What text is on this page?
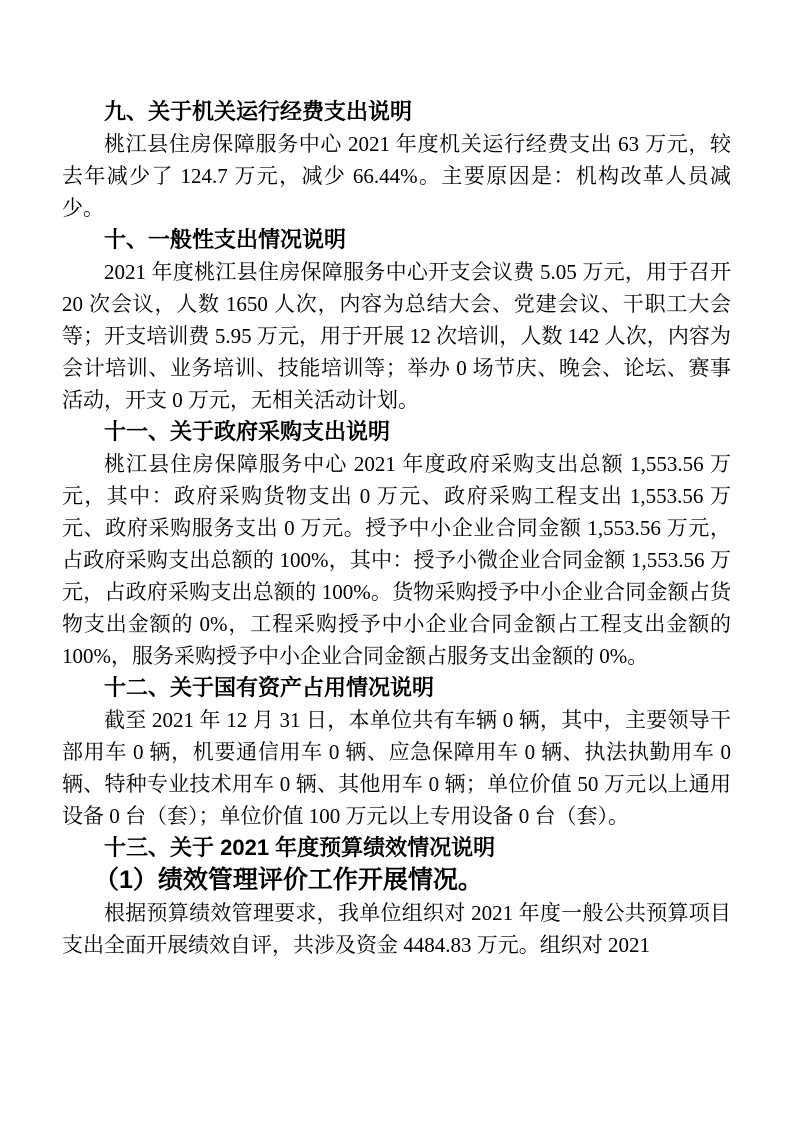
九、关于机关运行经费支出说明

桃江县住房保障服务中心 2021 年度机关运行经费支出 63 万元，较去年减少了 124.7 万元，减少 66.44%。主要原因是：机构改革人员减少。

十、一般性支出情况说明

2021 年度桃江县住房保障服务中心开支会议费 5.05 万元，用于召开 20 次会议，人数 1650 人次，内容为总结大会、党建会议、干职工大会等；开支培训费 5.95 万元，用于开展 12 次培训，人数 142 人次，内容为会计培训、业务培训、技能培训等；举办 0 场节庆、晚会、论坛、赛事活动，开支 0 万元，无相关活动计划。

十一、关于政府采购支出说明

桃江县住房保障服务中心 2021 年度政府采购支出总额 1,553.56 万元，其中：政府采购货物支出 0 万元、政府采购工程支出 1,553.56 万元、政府采购服务支出 0 万元。授予中小企业合同金额 1,553.56 万元，占政府采购支出总额的 100%，其中：授予小微企业合同金额 1,553.56 万元，占政府采购支出总额的 100%。货物采购授予中小企业合同金额占货物支出金额的 0%，工程采购授予中小企业合同金额占工程支出金额的 100%，服务采购授予中小企业合同金额占服务支出金额的 0%。

十二、关于国有资产占用情况说明

截至 2021 年 12 月 31 日，本单位共有车辆 0 辆，其中，主要领导干部用车 0 辆，机要通信用车 0 辆、应急保障用车 0 辆、执法执勤用车 0 辆、特种专业技术用车 0 辆、其他用车 0 辆；单位价值 50 万元以上通用设备 0 台（套）；单位价值 100 万元以上专用设备 0 台（套）。

十三、关于 2021 年度预算绩效情况说明
（1）绩效管理评价工作开展情况。

根据预算绩效管理要求，我单位组织对 2021 年度一般公共预算项目支出全面开展绩效自评，共涉及资金 4484.83 万元。组织对 2021
